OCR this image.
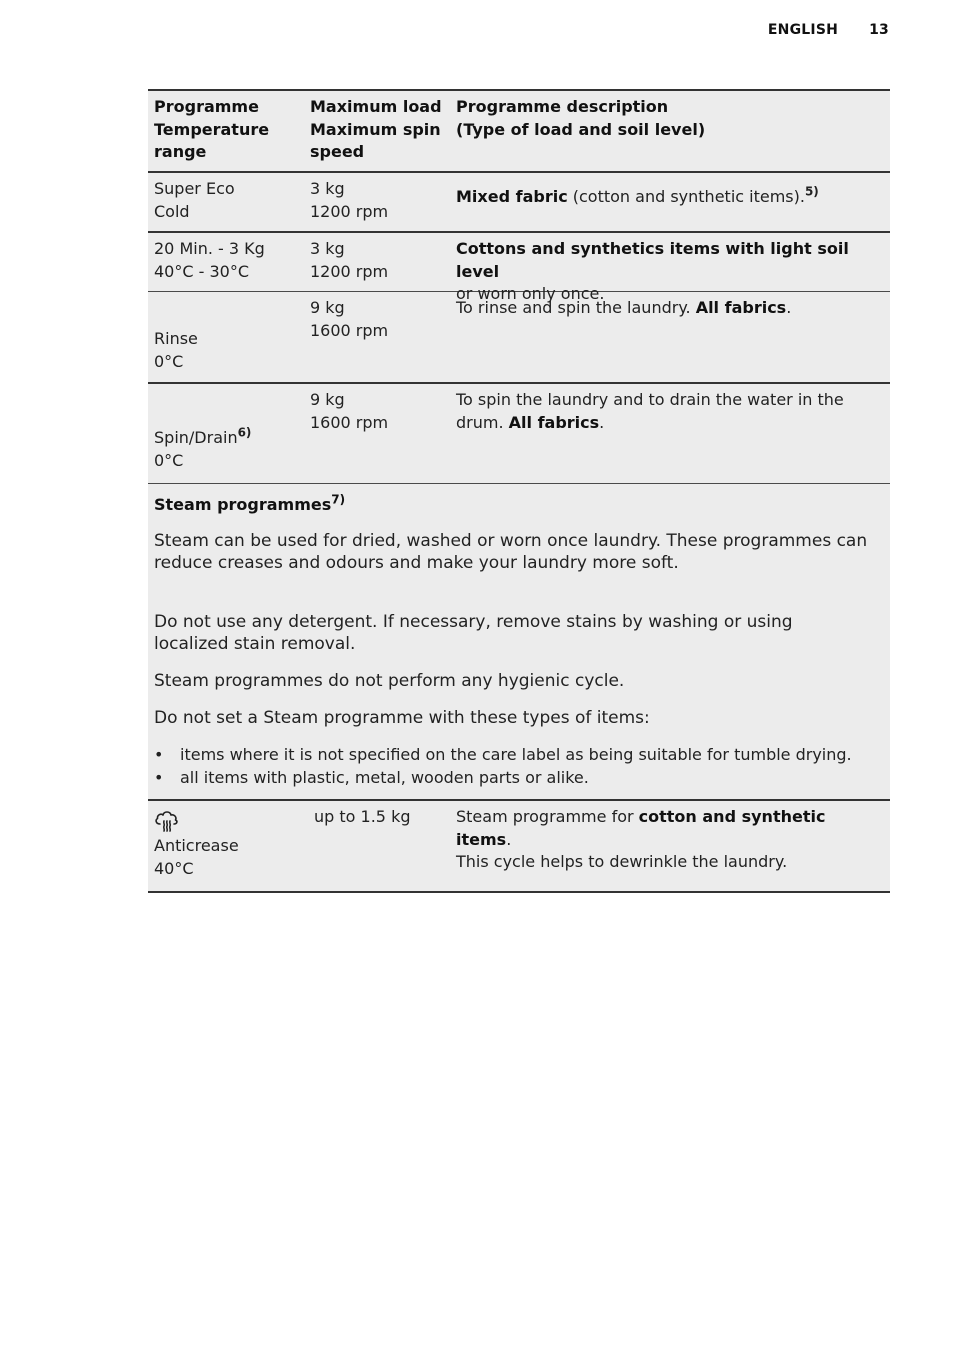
ENGLISH 13
Programme
Temperature
range
Maximum load
Maximum spin
speed
Programme description
(Type of load and soil level)
Super Eco
Cold
3 kg
1200 rpm
Mixed fabric (cotton and synthetic items).$^{5)}$
20 Min. - 3 Kg
40°C - 30°C
3 kg
1200 rpm
Cottons and synthetics items with light soil level
or worn only once.
Rinse
0°C
9 kg
1600 rpm
To rinse and spin the laundry. All fabrics.
Spin/Drain$^{6)}$
0°C
9 kg
1600 rpm
To spin the laundry and to drain the water in the drum. All fabrics.

Steam programmes$^{7)}$

Steam can be used for dried, washed or worn once laundry. These programmes can reduce creases and odours and make your laundry more soft.

Do not use any detergent. If necessary, remove stains by washing or using localized stain removal.

Steam programmes do not perform any hygienic cycle.

Do not set a Steam programme with these types of items:

• items where it is not specified on the care label as being suitable for tumble drying.
• all items with plastic, metal, wooden parts or alike.
Anticrease
40°C
up to 1.5 kg	Steam programme for cotton and synthetic items.
This cycle helps to dewrinkle the laundry.
